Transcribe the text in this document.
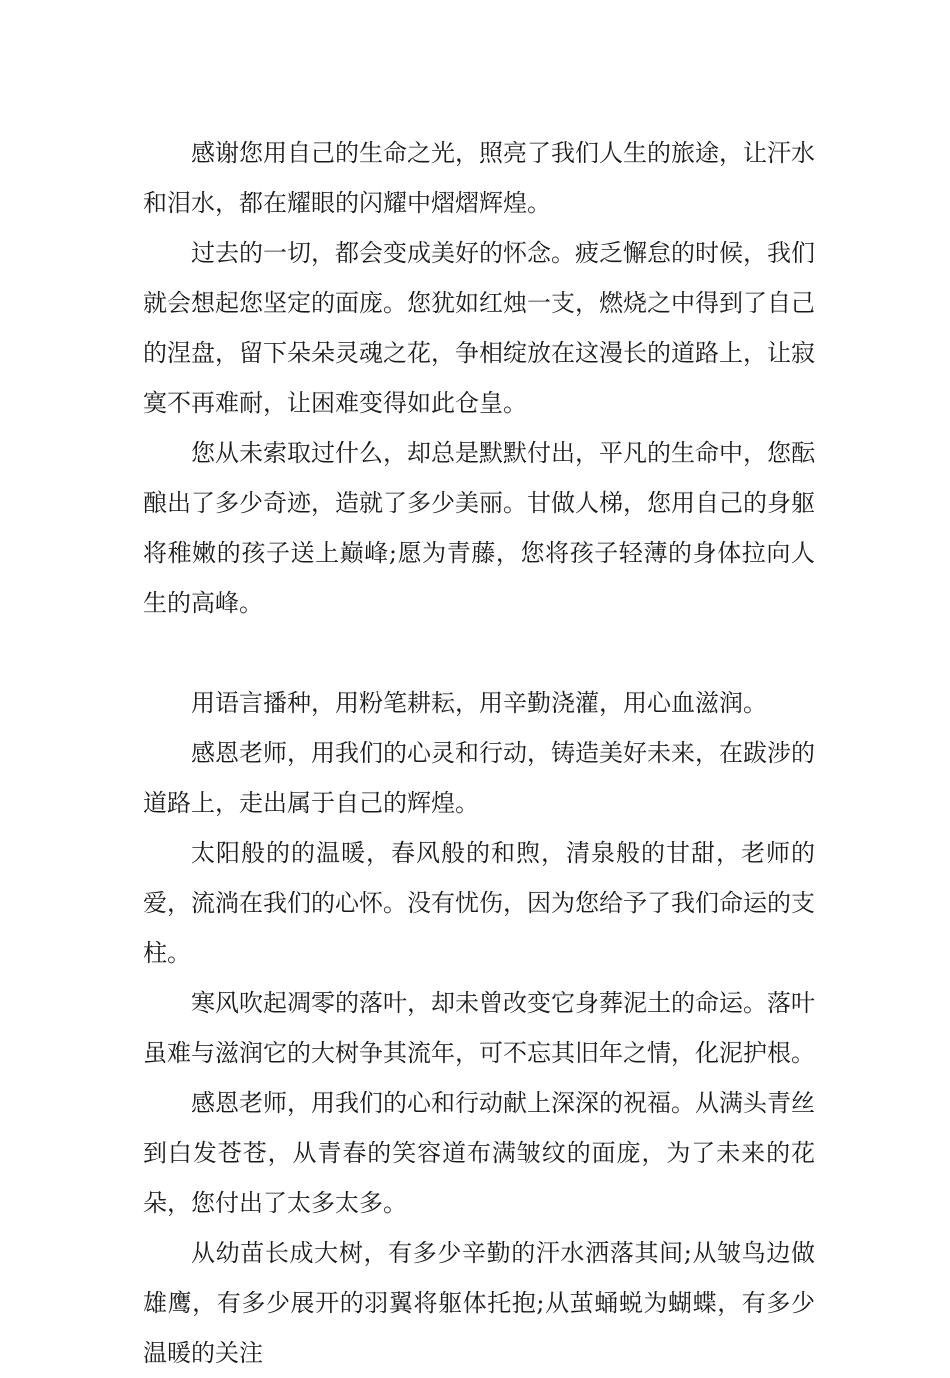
感谢您用自己的生命之光，照亮了我们人生的旅途，让汗水和泪水，都在耀眼的闪耀中熠熠辉煌。

过去的一切，都会变成美好的怀念。疲乏懈怠的时候，我们就会想起您坚定的面庞。您犹如红烛一支，燃烧之中得到了自己的涅盘，留下朵朵灵魂之花，争相绽放在这漫长的道路上，让寂寞不再难耐，让困难变得如此仓皇。

您从未索取过什么，却总是默默付出，平凡的生命中，您酝酿出了多少奇迹，造就了多少美丽。甘做人梯，您用自己的身躯将稚嫩的孩子送上巅峰;愿为青藤，您将孩子轻薄的身体拉向人生的高峰。

用语言播种，用粉笔耕耘，用辛勤浇灌，用心血滋润。

感恩老师，用我们的心灵和行动，铸造美好未来，在跋涉的道路上，走出属于自己的辉煌。

太阳般的的温暖，春风般的和煦，清泉般的甘甜，老师的爱，流淌在我们的心怀。没有忧伤，因为您给予了我们命运的支柱。

寒风吹起凋零的落叶，却未曾改变它身葬泥土的命运。落叶虽难与滋润它的大树争其流年，可不忘其旧年之情，化泥护根。

感恩老师，用我们的心和行动献上深深的祝福。从满头青丝到白发苍苍，从青春的笑容道布满皱纹的面庞，为了未来的花朵，您付出了太多太多。

从幼苗长成大树，有多少辛勤的汗水洒落其间;从皱鸟边做雄鹰，有多少展开的羽翼将躯体托抱;从茧蛹蜕为蝴蝶，有多少温暖的关注
